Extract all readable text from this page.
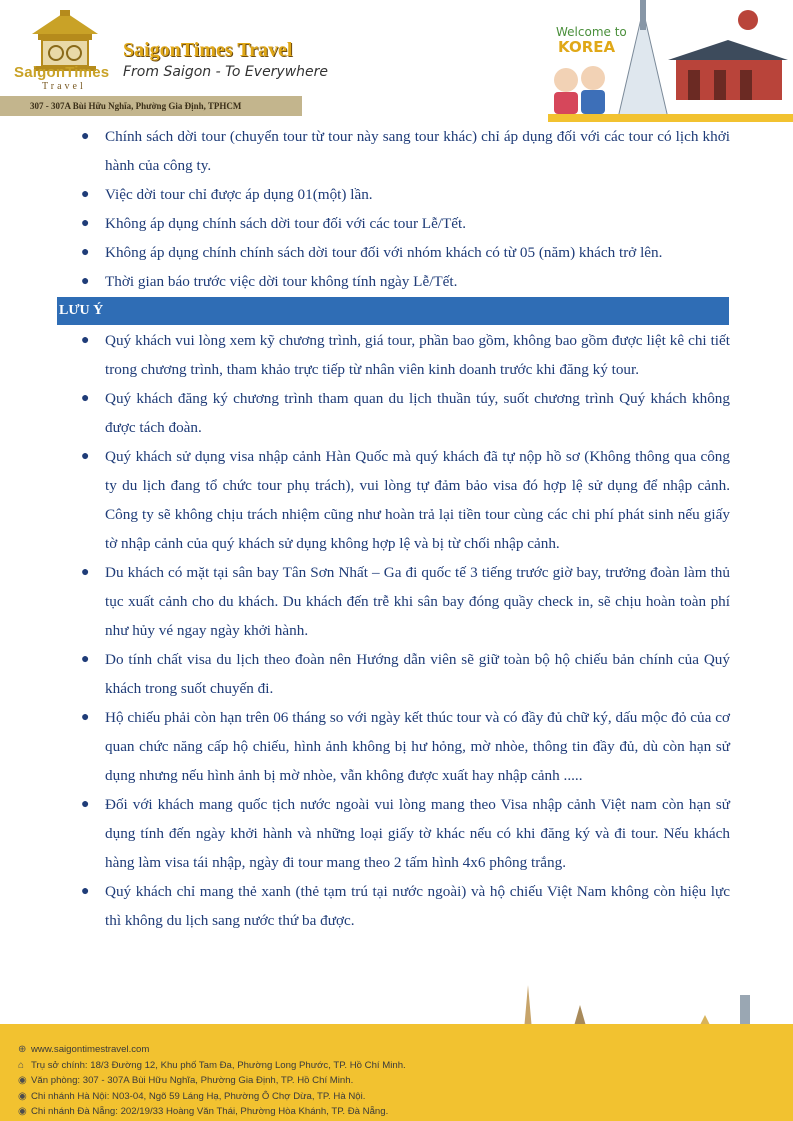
SaigonTimes
Travel
SaigonTimes Travel
From Saigon - To Everywhere
307 - 307A Bùi Hữu Nghĩa, Phường Gia Định, TPHCM
Welcome to
KOREA
● Chính sách dời tour (chuyển tour từ tour này sang tour khác) chỉ áp dụng đối với các tour có lịch khởi hành của công ty.
● Việc dời tour chỉ được áp dụng 01(một) lần.
● Không áp dụng chính sách dời tour đối với các tour Lễ/Tết.
● Không áp dụng chính chính sách dời tour đối với nhóm khách có từ 05 (năm) khách trở lên.
● Thời gian báo trước việc dời tour không tính ngày Lễ/Tết.
LƯU Ý
● Quý khách vui lòng xem kỹ chương trình, giá tour, phần bao gồm, không bao gồm được liệt kê chi tiết trong chương trình, tham khảo trực tiếp từ nhân viên kinh doanh trước khi đăng ký tour.
● Quý khách đăng ký chương trình tham quan du lịch thuần túy, suốt chương trình Quý khách không được tách đoàn.
● Quý khách sử dụng visa nhập cảnh Hàn Quốc mà quý khách đã tự nộp hồ sơ (Không thông qua công ty du lịch đang tổ chức tour phụ trách), vui lòng tự đảm bảo visa đó hợp lệ sử dụng để nhập cảnh. Công ty sẽ không chịu trách nhiệm cũng như hoàn trả lại tiền tour cùng các chi phí phát sinh nếu giấy tờ nhập cảnh của quý khách sử dụng không hợp lệ và bị từ chối nhập cảnh.
● Du khách có mặt tại sân bay Tân Sơn Nhất – Ga đi quốc tế 3 tiếng trước giờ bay, trưởng đoàn làm thủ tục xuất cảnh cho du khách. Du khách đến trễ khi sân bay đóng quầy check in, sẽ chịu hoàn toàn phí như hủy vé ngay ngày khởi hành.
● Do tính chất visa du lịch theo đoàn nên Hướng dẫn viên sẽ giữ toàn bộ hộ chiếu bản chính của Quý khách trong suốt chuyến đi.
● Hộ chiếu phải còn hạn trên 06 tháng so với ngày kết thúc tour và có đầy đủ chữ ký, dấu mộc đỏ của cơ quan chức năng cấp hộ chiếu, hình ảnh không bị hư hỏng, mờ nhòe, thông tin đầy đủ, dù còn hạn sử dụng nhưng nếu hình ảnh bị mờ nhòe, vẫn không được xuất hay nhập cảnh .....
● Đối với khách mang quốc tịch nước ngoài vui lòng mang theo Visa nhập cảnh Việt nam còn hạn sử dụng tính đến ngày khởi hành và những loại giấy tờ khác nếu có khi đăng ký và đi tour. Nếu khách hàng làm visa tái nhập, ngày đi tour mang theo 2 tấm hình 4x6 phông trắng.
● Quý khách chỉ mang thẻ xanh (thẻ tạm trú tại nước ngoài) và hộ chiếu Việt Nam không còn hiệu lực thì không du lịch sang nước thứ ba được.
⊕ www.saigontimestravel.com
⌂ Trụ sở chính: 18/3 Đường 12, Khu phố Tam Đa, Phường Long Phước, TP. Hồ Chí Minh.
◉ Văn phòng: 307 - 307A Bùi Hữu Nghĩa, Phường Gia Định, TP. Hồ Chí Minh.
◉ Chi nhánh Hà Nội: N03-04, Ngõ 59 Láng Hạ, Phường Ô Chợ Dừa, TP. Hà Nội.
◉ Chi nhánh Đà Nẵng: 202/19/33 Hoàng Văn Thái, Phường Hòa Khánh, TP. Đà Nẵng.
